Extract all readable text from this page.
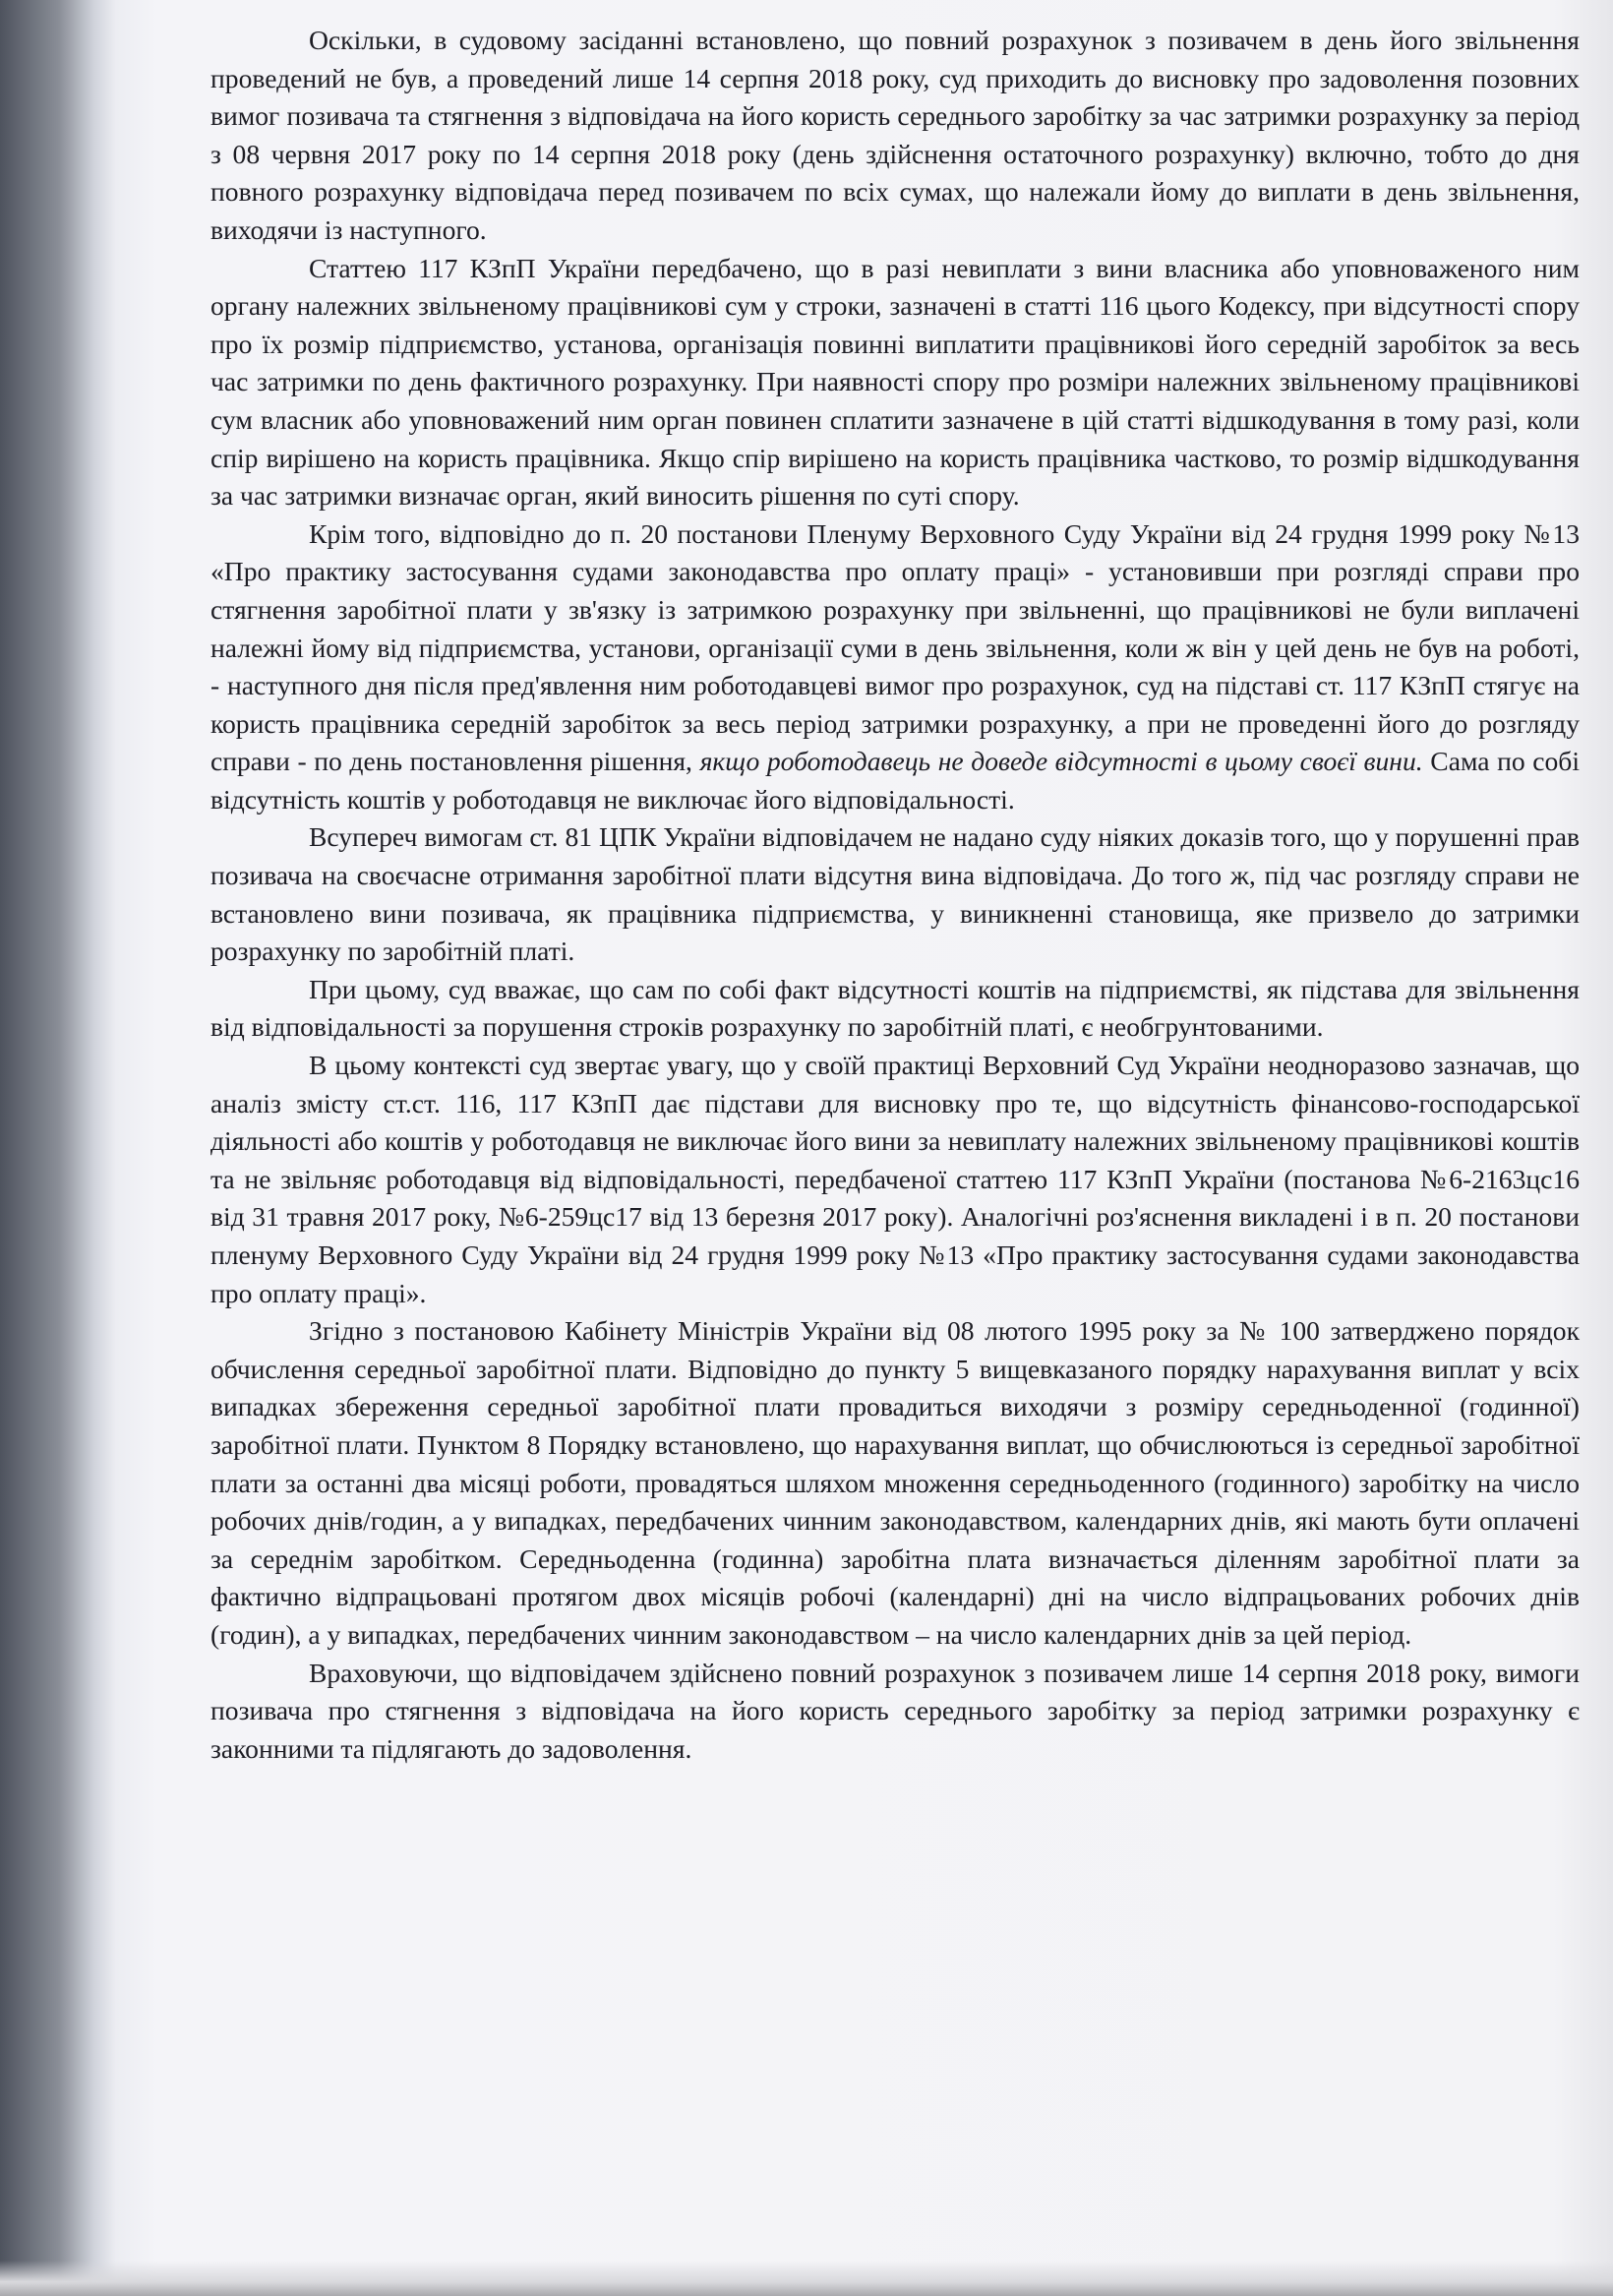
Оскільки, в судовому засіданні встановлено, що повний розрахунок з позивачем в день його звільнення проведений не був, а проведений лише 14 серпня 2018 року, суд приходить до висновку про задоволення позовних вимог позивача та стягнення з відповідача на його користь середнього заробітку за час затримки розрахунку за період з 08 червня 2017 року по 14 серпня 2018 року (день здійснення остаточного розрахунку) включно, тобто до дня повного розрахунку відповідача перед позивачем по всіх сумах, що належали йому до виплати в день звільнення, виходячи із наступного.

Статтею 117 КЗпП України передбачено, що в разі невиплати з вини власника або уповноваженого ним органу належних звільненому працівникові сум у строки, зазначені в статті 116 цього Кодексу, при відсутності спору про їх розмір підприємство, установа, організація повинні виплатити працівникові його середній заробіток за весь час затримки по день фактичного розрахунку. При наявності спору про розміри належних звільненому працівникові сум власник або уповноважений ним орган повинен сплатити зазначене в цій статті відшкодування в тому разі, коли спір вирішено на користь працівника. Якщо спір вирішено на користь працівника частково, то розмір відшкодування за час затримки визначає орган, який виносить рішення по суті спору.

Крім того, відповідно до п. 20 постанови Пленуму Верховного Суду України від 24 грудня 1999 року №13 «Про практику застосування судами законодавства про оплату праці» - установивши при розгляді справи про стягнення заробітної плати у зв'язку із затримкою розрахунку при звільненні, що працівникові не були виплачені належні йому від підприємства, установи, організації суми в день звільнення, коли ж він у цей день не був на роботі, - наступного дня після пред'явлення ним роботодавцеві вимог про розрахунок, суд на підставі ст. 117 КЗпП стягує на користь працівника середній заробіток за весь період затримки розрахунку, а при не проведенні його до розгляду справи - по день постановлення рішення, якщо роботодавець не доведе відсутності в цьому своєї вини. Сама по собі відсутність коштів у роботодавця не виключає його відповідальності.

Всупереч вимогам ст. 81 ЦПК України відповідачем не надано суду ніяких доказів того, що у порушенні прав позивача на своєчасне отримання заробітної плати відсутня вина відповідача. До того ж, під час розгляду справи не встановлено вини позивача, як працівника підприємства, у виникненні становища, яке призвело до затримки розрахунку по заробітній платі.

При цьому, суд вважає, що сам по собі факт відсутності коштів на підприємстві, як підстава для звільнення від відповідальності за порушення строків розрахунку по заробітній платі, є необгрунтованими.

В цьому контексті суд звертає увагу, що у своїй практиці Верховний Суд України неодноразово зазначав, що аналіз змісту ст.ст. 116, 117 КЗпП дає підстави для висновку про те, що відсутність фінансово-господарської діяльності або коштів у роботодавця не виключає його вини за невиплату належних звільненому працівникові коштів та не звільняє роботодавця від відповідальності, передбаченої статтею 117 КЗпП України (постанова №6-2163цс16 від 31 травня 2017 року, №6-259цс17 від 13 березня 2017 року). Аналогічні роз'яснення викладені і в п. 20 постанови пленуму Верховного Суду України від 24 грудня 1999 року №13 «Про практику застосування судами законодавства про оплату праці».

Згідно з постановою Кабінету Міністрів України від 08 лютого 1995 року за № 100 затверджено порядок обчислення середньої заробітної плати. Відповідно до пункту 5 вищевказаного порядку нарахування виплат у всіх випадках збереження середньої заробітної плати провадиться виходячи з розміру середньоденної (годинної) заробітної плати. Пунктом 8 Порядку встановлено, що нарахування виплат, що обчислюються із середньої заробітної плати за останні два місяці роботи, провадяться шляхом множення середньоденного (годинного) заробітку на число робочих днів/годин, а у випадках, передбачених чинним законодавством, календарних днів, які мають бути оплачені за середнім заробітком. Середньоденна (годинна) заробітна плата визначається діленням заробітної плати за фактично відпрацьовані протягом двох місяців робочі (календарні) дні на число відпрацьованих робочих днів (годин), а у випадках, передбачених чинним законодавством – на число календарних днів за цей період.

Враховуючи, що відповідачем здійснено повний розрахунок з позивачем лише 14 серпня 2018 року, вимоги позивача про стягнення з відповідача на його користь середнього заробітку за період затримки розрахунку є законними та підлягають до задоволення.
